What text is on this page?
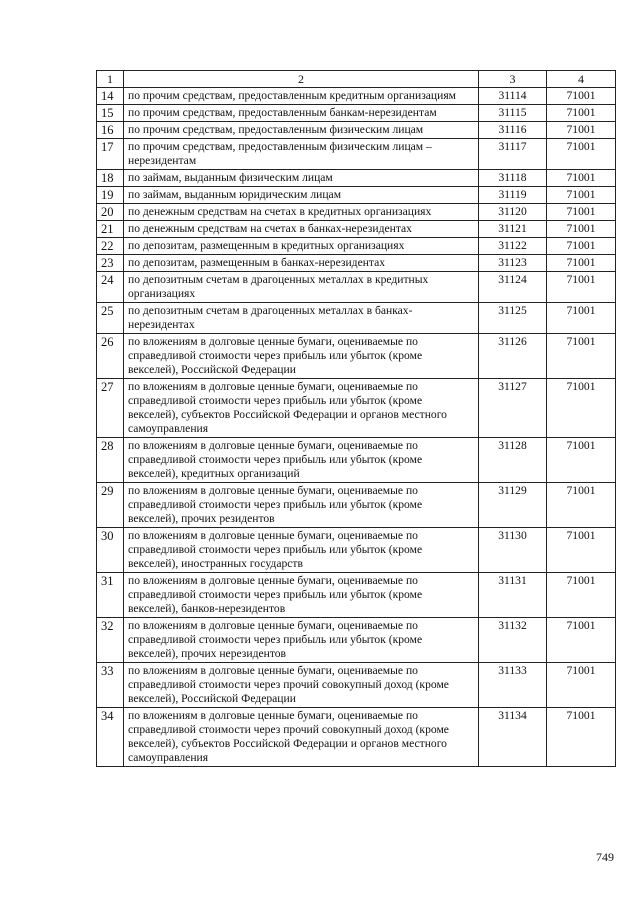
1	2	3	4
14	по прочим средствам, предоставленным кредитным организациям	31114	71001
15	по прочим средствам, предоставленным банкам-нерезидентам	31115	71001
16	по прочим средствам, предоставленным физическим лицам	31116	71001
17	по прочим средствам, предоставленным физическим лицам – нерезидентам	31117	71001
18	по займам, выданным физическим лицам	31118	71001
19	по займам, выданным юридическим лицам	31119	71001
20	по денежным средствам на счетах в кредитных организациях	31120	71001
21	по денежным средствам на счетах в банках-нерезидентах	31121	71001
22	по депозитам, размещенным в кредитных организациях	31122	71001
23	по депозитам, размещенным в банках-нерезидентах	31123	71001
24	по депозитным счетам в драгоценных металлах в кредитных организациях	31124	71001
25	по депозитным счетам в драгоценных металлах в банках-нерезидентах	31125	71001
26	по вложениям в долговые ценные бумаги, оцениваемые по справедливой стоимости через прибыль или убыток (кроме векселей), Российской Федерации	31126	71001
27	по вложениям в долговые ценные бумаги, оцениваемые по справедливой стоимости через прибыль или убыток (кроме векселей), субъектов Российской Федерации и органов местного самоуправления	31127	71001
28	по вложениям в долговые ценные бумаги, оцениваемые по справедливой стоимости через прибыль или убыток (кроме векселей), кредитных организаций	31128	71001
29	по вложениям в долговые ценные бумаги, оцениваемые по справедливой стоимости через прибыль или убыток (кроме векселей), прочих резидентов	31129	71001
30	по вложениям в долговые ценные бумаги, оцениваемые по справедливой стоимости через прибыль или убыток (кроме векселей), иностранных государств	31130	71001
31	по вложениям в долговые ценные бумаги, оцениваемые по справедливой стоимости через прибыль или убыток (кроме векселей), банков-нерезидентов	31131	71001
32	по вложениям в долговые ценные бумаги, оцениваемые по справедливой стоимости через прибыль или убыток (кроме векселей), прочих нерезидентов	31132	71001
33	по вложениям в долговые ценные бумаги, оцениваемые по справедливой стоимости через прочий совокупный доход (кроме векселей), Российской Федерации	31133	71001
34	по вложениям в долговые ценные бумаги, оцениваемые по справедливой стоимости через прочий совокупный доход (кроме векселей), субъектов Российской Федерации и органов местного самоуправления	31134	71001
749
